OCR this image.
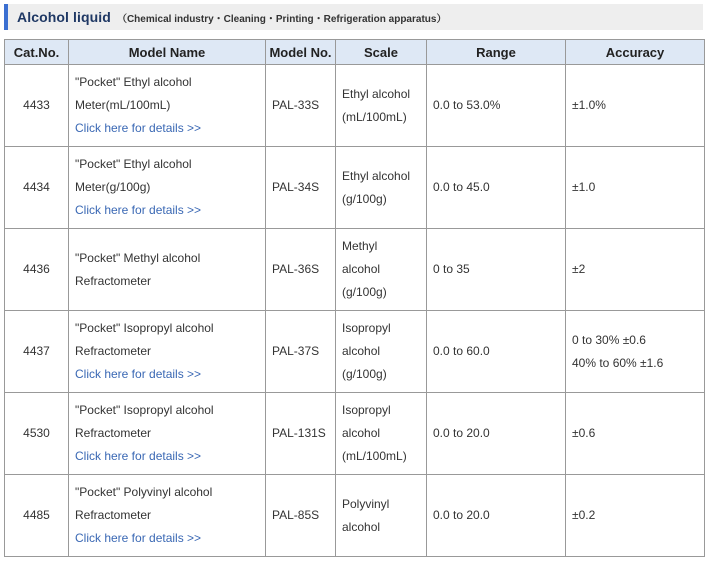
Alcohol liquid （Chemical industry・Cleaning・Printing・Refrigeration apparatus）
Cat.No.	Model Name	Model No.	Scale	Range	Accuracy
4433	"Pocket" Ethyl alcohol
Meter(mL/100mL)
Click here for details >>	PAL-33S	Ethyl alcohol
(mL/100mL)	0.0 to 53.0%	±1.0%

4434	"Pocket" Ethyl alcohol
Meter(g/100g)
Click here for details >>	PAL-34S	Ethyl alcohol
(g/100g)	0.0 to 45.0	±1.0

4436	"Pocket" Methyl alcohol
Refractometer	PAL-36S	Methyl
alcohol
(g/100g)	0 to 35	±2

4437	"Pocket" Isopropyl alcohol
Refractometer
Click here for details >>	PAL-37S	Isopropyl
alcohol
(g/100g)	0.0 to 60.0	0 to 30% ±0.6
40% to 60% ±1.6

4530	"Pocket" Isopropyl alcohol
Refractometer
Click here for details >>	PAL-131S	Isopropyl
alcohol
(mL/100mL)	0.0 to 20.0	±0.6

4485	"Pocket" Polyvinyl alcohol
Refractometer
Click here for details >>	PAL-85S	Polyvinyl
alcohol	0.0 to 20.0	±0.2
